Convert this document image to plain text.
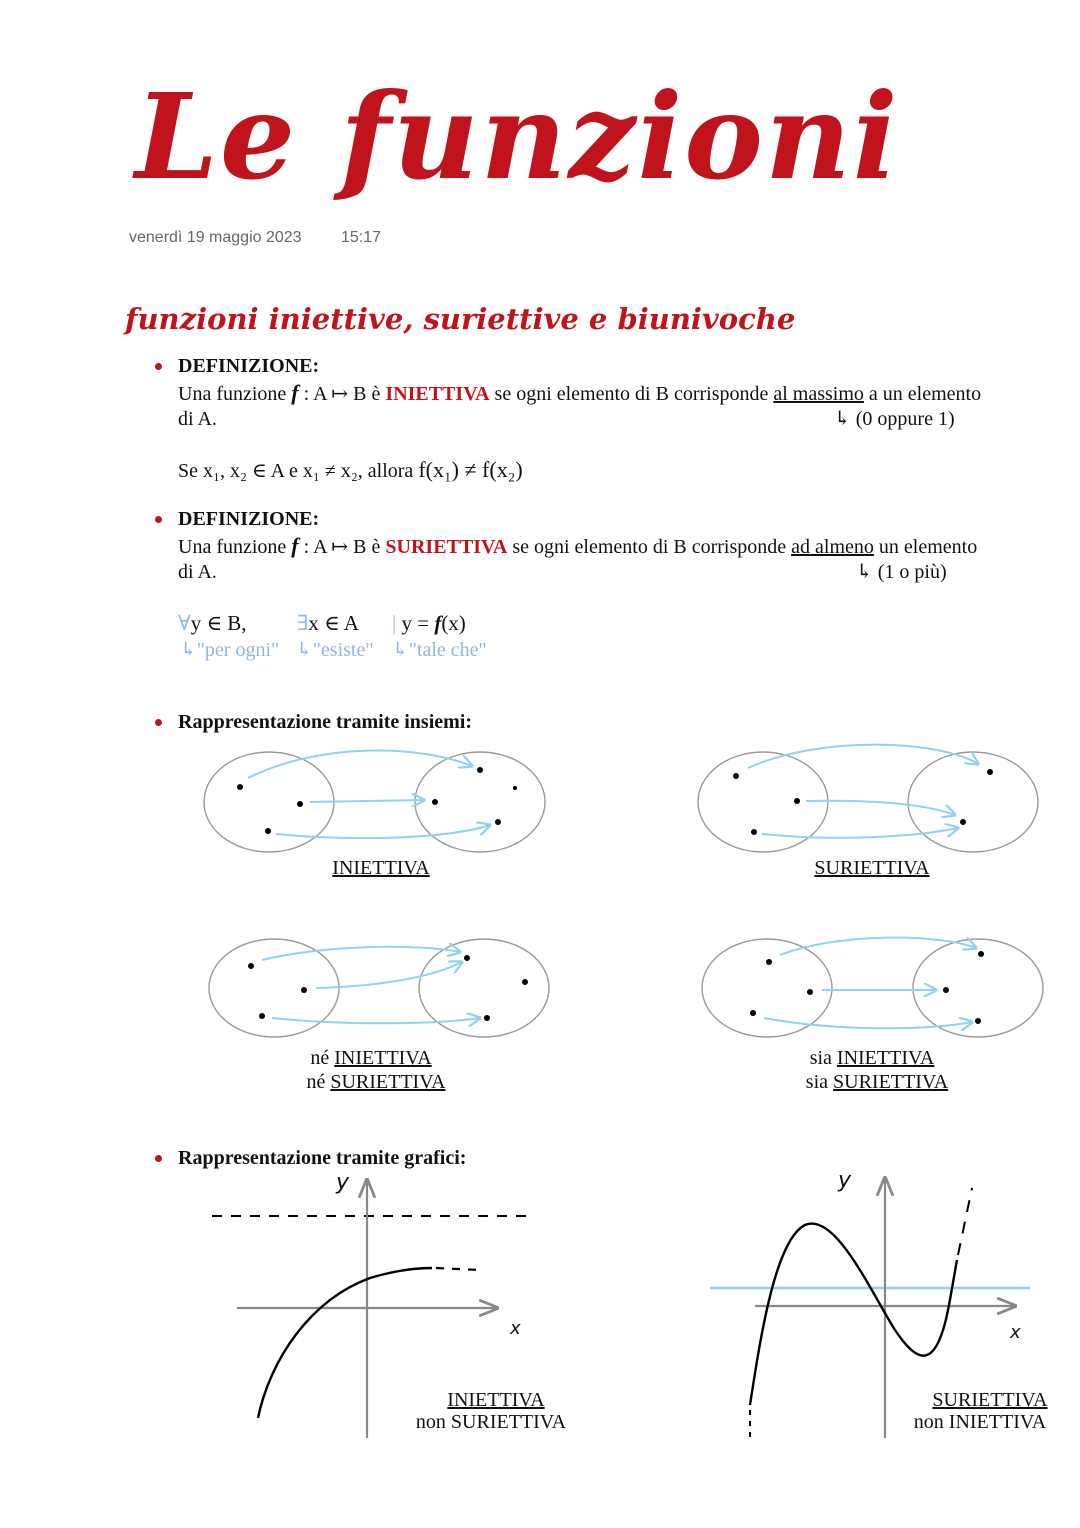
Le funzioni
venerdì 19 maggio 2023 15:17
funzioni iniettive, suriettive e biunivoche
DEFINIZIONE:
Una funzione f : A ↦ B è INIETTIVA se ogni elemento di B corrisponde al massimo a un elemento
di A.	↳ (0 oppure 1)
Se x₁, x₂ ∈ A e x₁ ≠ x₂, allora f(x₁) ≠ f(x₂)
DEFINIZIONE:
Una funzione f : A ↦ B è SURIETTIVA se ogni elemento di B corrisponde ad almeno un elemento
di A.	↳ (1 o più)
∀y ∈ B, ∃x ∈ A | y = f(x)
↳"per ogni" ↳"esiste" ↳"tale che"
Rappresentazione tramite insiemi:
INIETTIVA	SURIETTIVA
né INIETTIVA
né SURIETTIVA
sia INIETTIVA
sia SURIETTIVA
Rappresentazione tramite grafici:
y
x
y
x
INIETTIVA
non SURIETTIVA
SURIETTIVA
non INIETTIVA
